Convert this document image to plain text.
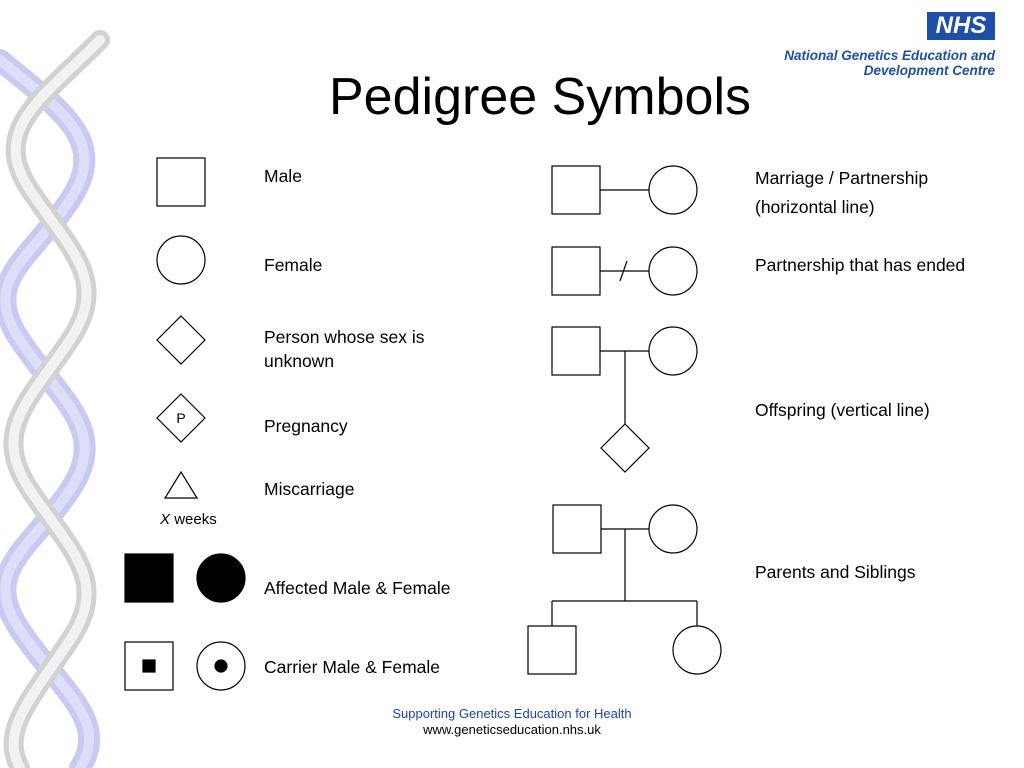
NHS
National Genetics Education and
Development Centre
Pedigree Symbols
P
Male
Female
Person whose sex is unknown
Pregnancy
Miscarriage
X weeks
Affected Male & Female
Carrier Male & Female
Marriage / Partnership
(horizontal line)
Partnership that has ended
Offspring (vertical line)
Parents and Siblings
Supporting Genetics Education for Health
www.geneticseducation.nhs.uk
